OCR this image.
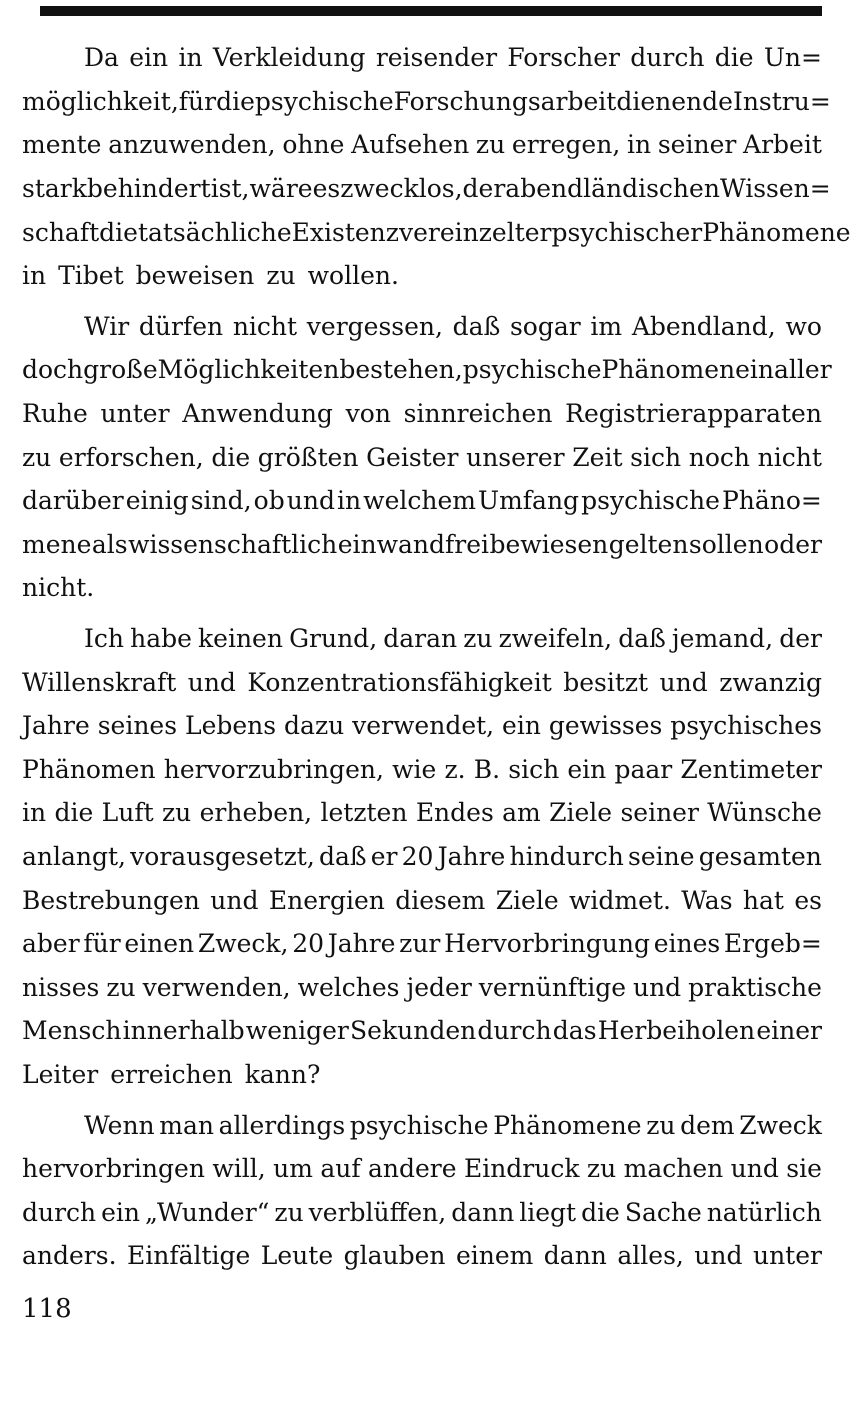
Da ein in Verkleidung reisender Forscher durch die Un=
möglichkeit, für die psychische Forschungsarbeit dienende Instru=
mente anzuwenden, ohne Aufsehen zu erregen, in seiner Arbeit
stark behindert ist, wäre es zwecklos, der abendländischen Wissen=
schaft die tatsächliche Existenz vereinzelter psychischer Phänomene
in Tibet beweisen zu wollen.
Wir dürfen nicht vergessen, daß sogar im Abendland, wo
doch große Möglichkeiten bestehen, psychische Phänomene in aller
Ruhe unter Anwendung von sinnreichen Registrierapparaten
zu erforschen, die größten Geister unserer Zeit sich noch nicht
darüber einig sind, ob und in welchem Umfang psychische Phäno=
mene als wissenschaftlich einwandfrei bewiesen gelten sollen oder
nicht.
Ich habe keinen Grund, daran zu zweifeln, daß jemand, der
Willenskraft und Konzentrationsfähigkeit besitzt und zwanzig
Jahre seines Lebens dazu verwendet, ein gewisses psychisches
Phänomen hervorzubringen, wie z. B. sich ein paar Zentimeter
in die Luft zu erheben, letzten Endes am Ziele seiner Wünsche
anlangt, vorausgesetzt, daß er 20 Jahre hindurch seine gesamten
Bestrebungen und Energien diesem Ziele widmet. Was hat es
aber für einen Zweck, 20 Jahre zur Hervorbringung eines Ergeb=
nisses zu verwenden, welches jeder vernünftige und praktische
Mensch innerhalb weniger Sekunden durch das Herbeiholen einer
Leiter erreichen kann?
Wenn man allerdings psychische Phänomene zu dem Zweck
hervorbringen will, um auf andere Eindruck zu machen und sie
durch ein „Wunder“ zu verblüffen, dann liegt die Sache natürlich
anders. Einfältige Leute glauben einem dann alles, und unter
118
